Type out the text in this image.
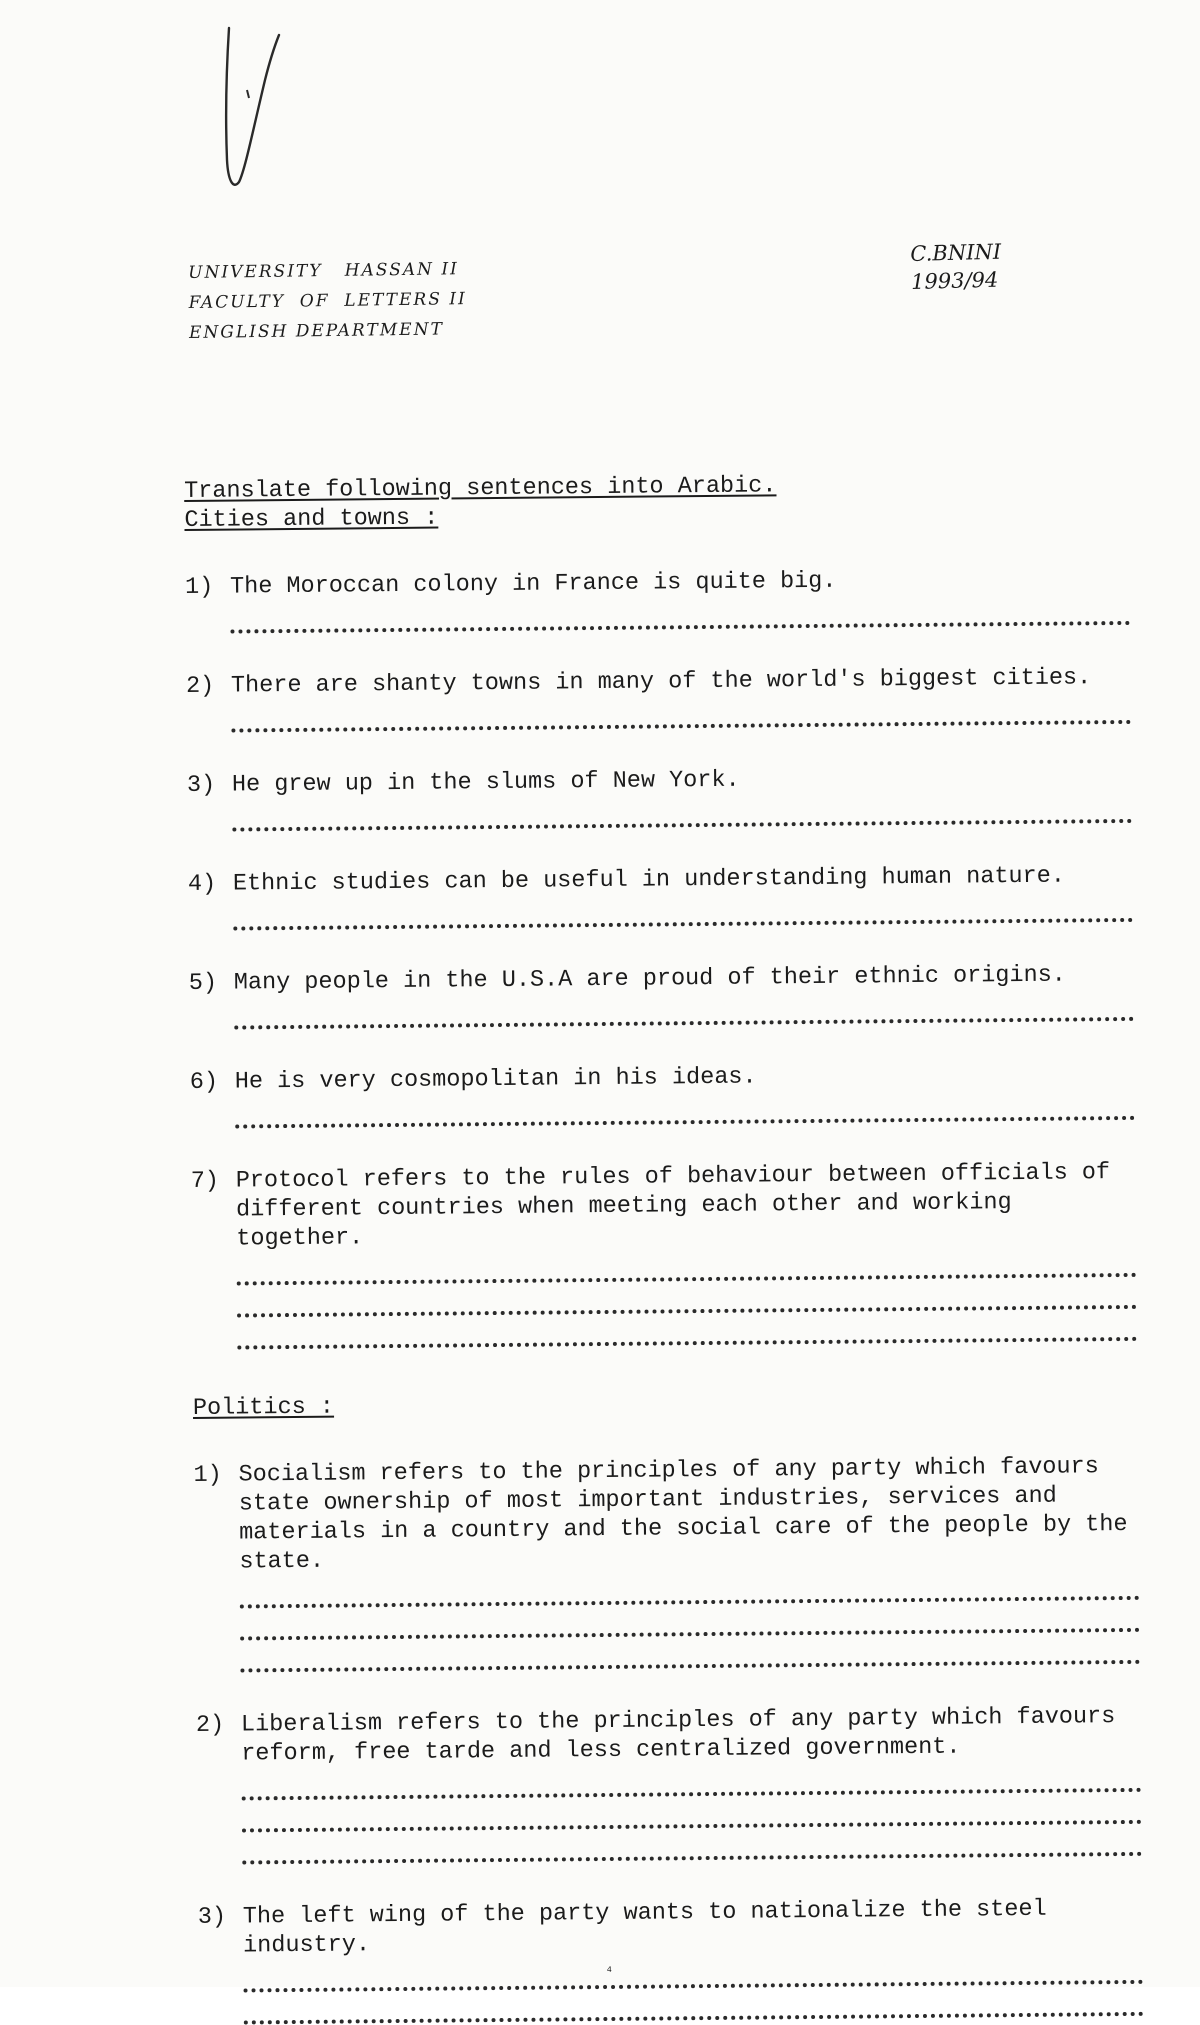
UNIVERSITY   HASSAN II
FACULTY  OF  LETTERS II
ENGLISH DEPARTMENT
C.BNINI
1993/94
Translate following sentences into Arabic.
Cities and towns :
1) The Moroccan colony in France is quite big.
2) There are shanty towns in many of the world's biggest cities.
3) He grew up in the slums of New York.
4) Ethnic studies can be useful in understanding human nature.
5) Many people in the U.S.A are proud of their ethnic origins.
6) He is very cosmopolitan in his ideas.
7) Protocol refers to the rules of behaviour between officials of different countries when meeting each other and working together.
Politics :
1) Socialism refers to the principles of any party which favours state ownership of most important industries, services and materials in a country and the social care of the people by the state.
2) Liberalism refers to the principles of any party which favours reform, free tarde and less centralized government.
3) The left wing of the party wants to nationalize the steel industry.
⁴
